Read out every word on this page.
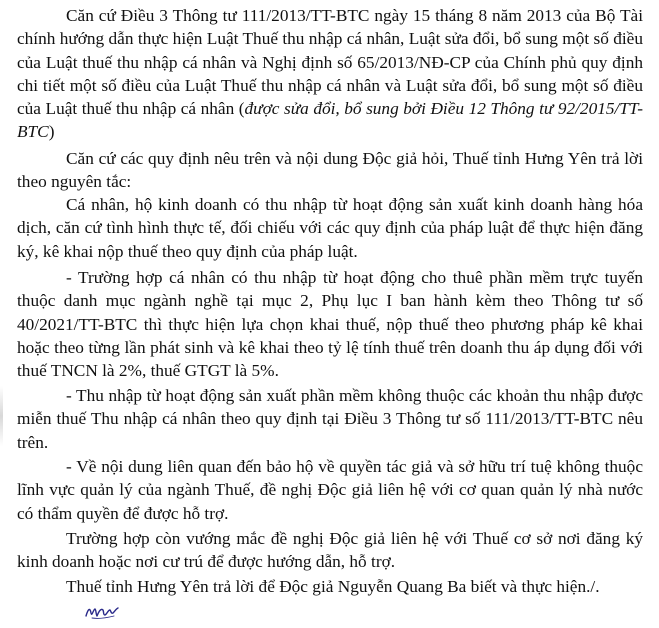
Căn cứ Điều 3 Thông tư 111/2013/TT-BTC ngày 15 tháng 8 năm 2013 của Bộ Tài chính hướng dẫn thực hiện Luật Thuế thu nhập cá nhân, Luật sửa đổi, bổ sung một số điều của Luật thuế thu nhập cá nhân và Nghị định số 65/2013/NĐ-CP của Chính phủ quy định chi tiết một số điều của Luật Thuế thu nhập cá nhân và Luật sửa đổi, bổ sung một số điều của Luật thuế thu nhập cá nhân (được sửa đổi, bổ sung bởi Điều 12 Thông tư 92/2015/TT-BTC)

Căn cứ các quy định nêu trên và nội dung Độc giả hỏi, Thuế tỉnh Hưng Yên trả lời theo nguyên tắc:

Cá nhân, hộ kinh doanh có thu nhập từ hoạt động sản xuất kinh doanh hàng hóa dịch, căn cứ tình hình thực tế, đối chiếu với các quy định của pháp luật để thực hiện đăng ký, kê khai nộp thuế theo quy định của pháp luật.

- Trường hợp cá nhân có thu nhập từ hoạt động cho thuê phần mềm trực tuyến thuộc danh mục ngành nghề tại mục 2, Phụ lục I ban hành kèm theo Thông tư số 40/2021/TT-BTC thì thực hiện lựa chọn khai thuế, nộp thuế theo phương pháp kê khai hoặc theo từng lần phát sinh và kê khai theo tỷ lệ tính thuế trên doanh thu áp dụng đối với thuế TNCN là 2%, thuế GTGT là 5%.

- Thu nhập từ hoạt động sản xuất phần mềm không thuộc các khoản thu nhập được miễn thuế Thu nhập cá nhân theo quy định tại Điều 3 Thông tư số 111/2013/TT-BTC nêu trên.

- Về nội dung liên quan đến bảo hộ về quyền tác giả và sở hữu trí tuệ không thuộc lĩnh vực quản lý của ngành Thuế, đề nghị Độc giả liên hệ với cơ quan quản lý nhà nước có thẩm quyền để được hỗ trợ.

Trường hợp còn vướng mắc đề nghị Độc giả liên hệ với Thuế cơ sở nơi đăng ký kinh doanh hoặc nơi cư trú để được hướng dẫn, hỗ trợ.

Thuế tỉnh Hưng Yên trả lời để Độc giả Nguyễn Quang Ba biết và thực hiện./.
